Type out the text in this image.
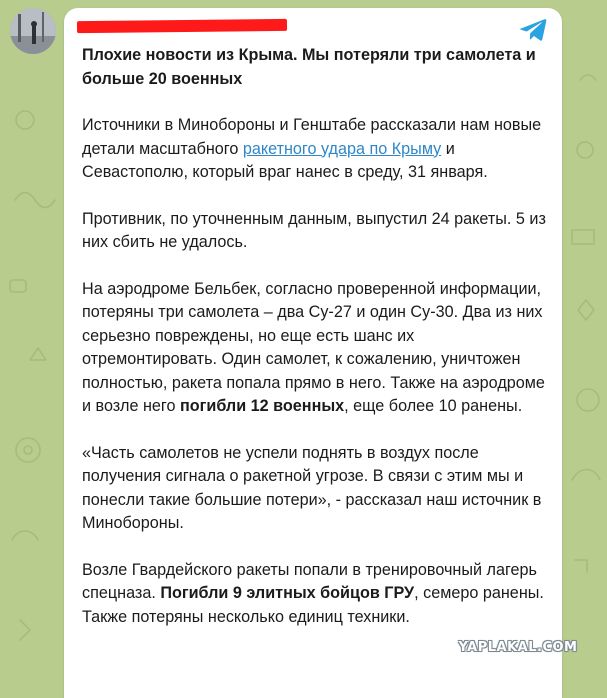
Плохие новости из Крыма. Мы потеряли три самолета и больше 20 военных

Источники в Минобороны и Генштабе рассказали нам новые детали масштабного ракетного удара по Крыму и Севастополю, который враг нанес в среду, 31 января.

Противник, по уточненным данным, выпустил 24 ракеты. 5 из них сбить не удалось.

На аэродроме Бельбек, согласно проверенной информации, потеряны три самолета – два Су-27 и один Су-30. Два из них серьезно повреждены, но еще есть шанс их отремонтировать. Один самолет, к сожалению, уничтожен полностью, ракета попала прямо в него. Также на аэродроме и возле него погибли 12 военных, еще более 10 ранены.

«Часть самолетов не успели поднять в воздух после получения сигнала о ракетной угрозе. В связи с этим мы и понесли такие большие потери», - рассказал наш источник в Минобороны.

Возле Гвардейского ракеты попали в тренировочный лагерь спецназа. Погибли 9 элитных бойцов ГРУ, семеро ранены. Также потеряны несколько единиц техники.

YAPLAKAL.COM
